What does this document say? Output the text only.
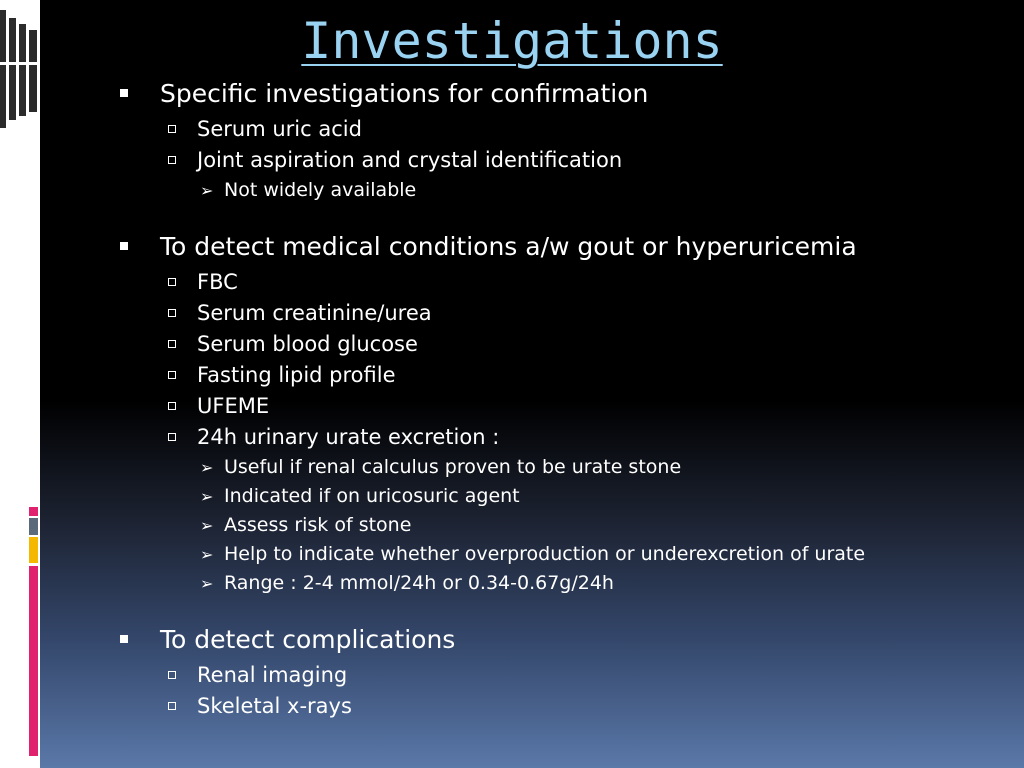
Investigations
Specific investigations for confirmation
Serum uric acid
Joint aspiration and crystal identification
➢ Not widely available
To detect medical conditions a/w gout or hyperuricemia
FBC
Serum creatinine/urea
Serum blood glucose
Fasting lipid profile
UFEME
24h urinary urate excretion :
➢ Useful if renal calculus proven to be urate stone
➢ Indicated if on uricosuric agent
➢ Assess risk of stone
➢ Help to indicate whether overproduction or underexcretion of urate
➢ Range : 2-4 mmol/24h or 0.34-0.67g/24h
To detect complications
Renal imaging
Skeletal x-rays
